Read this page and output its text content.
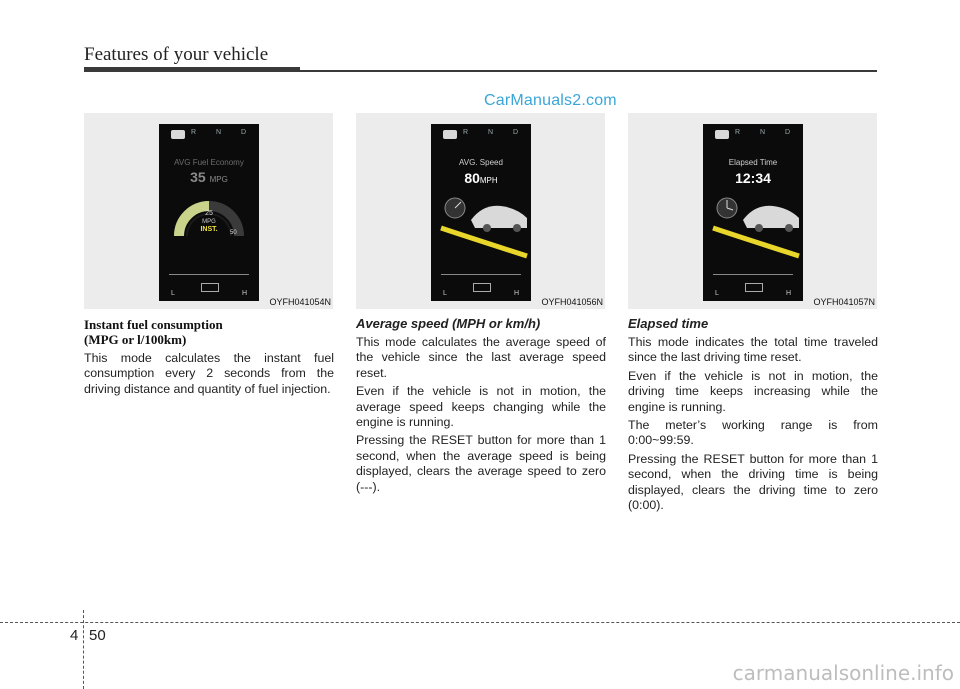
Features of your vehicle
CarManuals2.com
R N D
AVG Fuel Economy
35 MPG
25
MPG
INST.
0	50
L	H
OYFH041054N
R N D
AVG. Speed
80MPH
L	H
OYFH041056N
R N D
Elapsed Time
12:34
L	H
OYFH041057N
Instant fuel consumption
(MPG or l/100km)

This mode calculates the instant fuel consumption every 2 seconds from the driving distance and quantity of fuel injection.

Average speed (MPH or km/h)

This mode calculates the average speed of the vehicle since the last average speed reset.

Even if the vehicle is not in motion, the average speed keeps changing while the engine is running.

Pressing the RESET button for more than 1 second, when the average speed is being displayed, clears the average speed to zero (---).

Elapsed time

This mode indicates the total time traveled since the last driving time reset.

Even if the vehicle is not in motion, the driving time keeps increasing while the engine is running.

The meter’s working range is from 0:00~99:59.

Pressing the RESET button for more than 1 second, when the driving time is being displayed, clears the driving time to zero (0:00).

4 50
carmanualsonline.info
